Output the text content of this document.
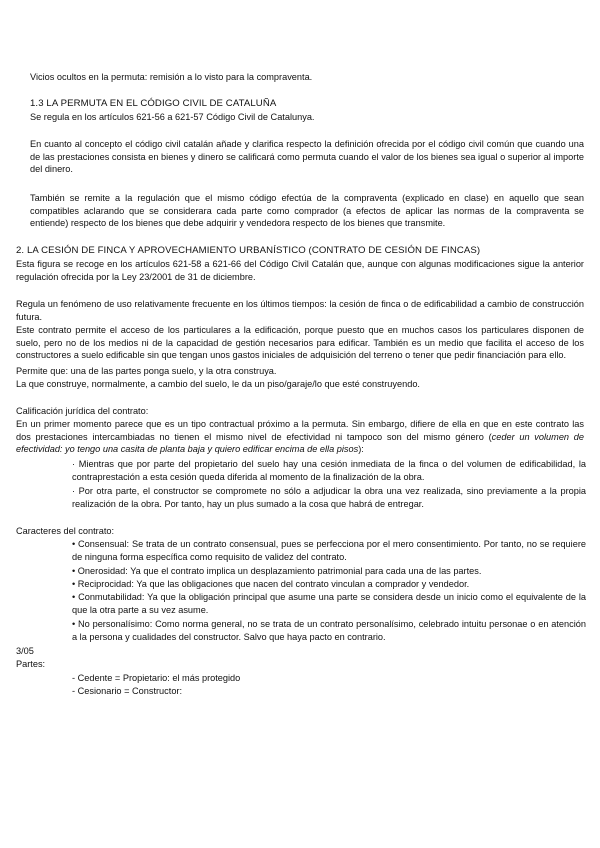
Vicios ocultos en la permuta: remisión a lo visto para la compraventa.

1.3 LA PERMUTA EN EL CÓDIGO CIVIL DE CATALUÑA

Se regula en los artículos 621-56 a 621-57 Código Civil de Catalunya.

En cuanto al concepto el código civil catalán añade y clarifica respecto la definición ofrecida por el código civil común que cuando una de las prestaciones consista en bienes y dinero se calificará como permuta cuando el valor de los bienes sea igual o superior al importe del dinero.

También se remite a la regulación que el mismo código efectúa de la compraventa (explicado en clase) en aquello que sean compatibles aclarando que se considerara cada parte como comprador (a efectos de aplicar las normas de la compraventa se entiende) respecto de los bienes que debe adquirir y vendedora respecto de los bienes que transmite.

2. LA CESIÓN DE FINCA Y APROVECHAMIENTO URBANÍSTICO (CONTRATO DE CESIÓN DE FINCAS)

Esta figura se recoge en los artículos 621-58 a 621-66 del Código Civil Catalán que, aunque con algunas modificaciones sigue la anterior regulación ofrecida por la Ley 23/2001 de 31 de diciembre.

Regula un fenómeno de uso relativamente frecuente en los últimos tiempos: la cesión de finca o de edificabilidad a cambio de construcción futura.

Este contrato permite el acceso de los particulares a la edificación, porque puesto que en muchos casos los particulares disponen de suelo, pero no de los medios ni de la capacidad de gestión necesarios para edificar. También es un medio que facilita el acceso de los constructores a suelo edificable sin que tengan unos gastos iniciales de adquisición del terreno o tener que pedir financiación para ello.

Permite que: una de las partes ponga suelo, y la otra construya.

La que construye, normalmente, a cambio del suelo, le da un piso/garaje/lo que esté construyendo.

Calificación jurídica del contrato:

En un primer momento parece que es un tipo contractual próximo a la permuta. Sin embargo, difiere de ella en que en este contrato las dos prestaciones intercambiadas no tienen el mismo nivel de efectividad ni tampoco son del mismo género (ceder un volumen de efectividad: yo tengo una casita de planta baja y quiero edificar encima de ella pisos):

· Mientras que por parte del propietario del suelo hay una cesión inmediata de la finca o del volumen de edificabilidad, la contraprestación a esta cesión queda diferida al momento de la finalización de la obra.

· Por otra parte, el constructor se compromete no sólo a adjudicar la obra una vez realizada, sino previamente a la propia realización de la obra. Por tanto, hay un plus sumado a la cosa que habrá de entregar.

Caracteres del contrato:

• Consensual: Se trata de un contrato consensual, pues se perfecciona por el mero consentimiento. Por tanto, no se requiere de ninguna forma específica como requisito de validez del contrato.

• Onerosidad: Ya que el contrato implica un desplazamiento patrimonial para cada una de las partes.

• Reciprocidad: Ya que las obligaciones que nacen del contrato vinculan a comprador y vendedor.

• Conmutabilidad: Ya que la obligación principal que asume una parte se considera desde un inicio como el equivalente de la que la otra parte a su vez asume.

• No personalísimo: Como norma general, no se trata de un contrato personalísimo, celebrado intuitu personae o en atención a la persona y cualidades del constructor. Salvo que haya pacto en contrario.

3/05

Partes:

- Cedente = Propietario: el más protegido

- Cesionario = Constructor:
